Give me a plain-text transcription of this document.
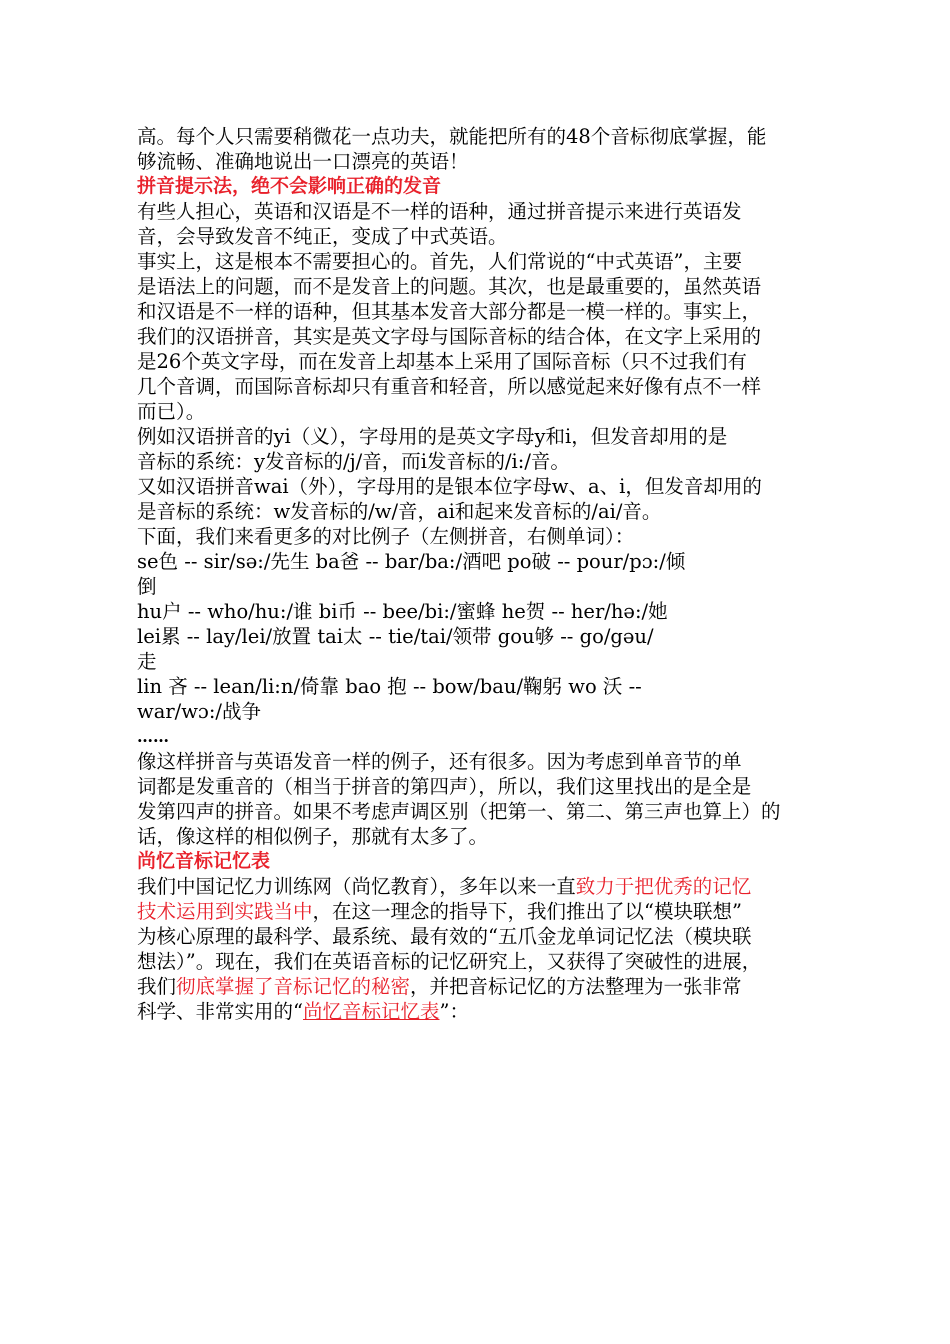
高。每个人只需要稍微花一点功夫，就能把所有的48个音标彻底掌握，能
够流畅、准确地说出一口漂亮的英语！
拼音提示法，绝不会影响正确的发音
有些人担心，英语和汉语是不一样的语种，通过拼音提示来进行英语发
音，会导致发音不纯正，变成了中式英语。
事实上，这是根本不需要担心的。首先，人们常说的“中式英语”，主要
是语法上的问题，而不是发音上的问题。其次，也是最重要的，虽然英语
和汉语是不一样的语种，但其基本发音大部分都是一模一样的。事实上，
我们的汉语拼音，其实是英文字母与国际音标的结合体，在文字上采用的
是26个英文字母，而在发音上却基本上采用了国际音标（只不过我们有
几个音调，而国际音标却只有重音和轻音，所以感觉起来好像有点不一样
而已）。
例如汉语拼音的yi（义），字母用的是英文字母y和i，但发音却用的是
音标的系统：y发音标的/j/音，而i发音标的/i:/音。
又如汉语拼音wai（外），字母用的是银本位字母w、a、i，但发音却用的
是音标的系统：w发音标的/w/音，ai和起来发音标的/ai/音。
下面，我们来看更多的对比例子（左侧拼音，右侧单词）：
se色 -- sir/sə:/先生 ba爸 -- bar/ba:/酒吧 po破 -- pour/pɔ:/倾
倒
hu户 -- who/hu:/谁 bi币 -- bee/bi:/蜜蜂 he贺 -- her/hə:/她
lei累 -- lay/lei/放置 tai太 -- tie/tai/领带 gou够 -- go/gəu/
走
lin 吝 -- lean/li:n/倚靠 bao 抱 -- bow/bau/鞠躬 wo 沃 --
war/wɔ:/战争
……
像这样拼音与英语发音一样的例子，还有很多。因为考虑到单音节的单
词都是发重音的（相当于拼音的第四声），所以，我们这里找出的是全是
发第四声的拼音。如果不考虑声调区别（把第一、第二、第三声也算上）的
话，像这样的相似例子，那就有太多了。
尚忆音标记忆表
我们中国记忆力训练网（尚忆教育），多年以来一直致力于把优秀的记忆
技术运用到实践当中，在这一理念的指导下，我们推出了以“模块联想”
为核心原理的最科学、最系统、最有效的“五爪金龙单词记忆法（模块联
想法）”。现在，我们在英语音标的记忆研究上，又获得了突破性的进展，
我们彻底掌握了音标记忆的秘密，并把音标记忆的方法整理为一张非常
科学、非常实用的“尚忆音标记忆表”：
